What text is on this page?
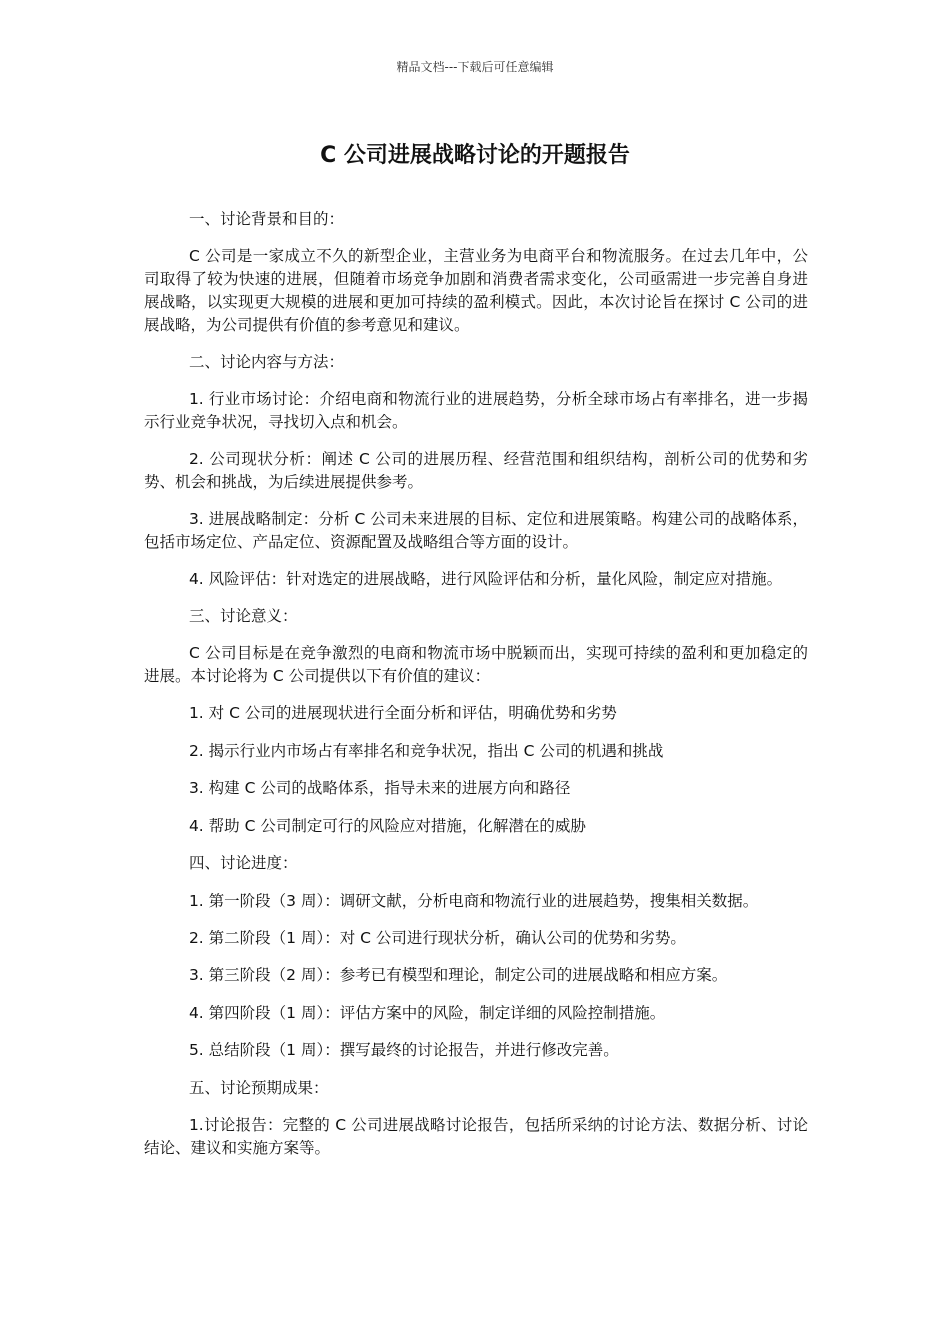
精品文档---下载后可任意编辑
C 公司进展战略讨论的开题报告

一、讨论背景和目的：

C 公司是一家成立不久的新型企业，主营业务为电商平台和物流服务。在过去几年中，公司取得了较为快速的进展，但随着市场竞争加剧和消费者需求变化，公司亟需进一步完善自身进展战略，以实现更大规模的进展和更加可持续的盈利模式。因此，本次讨论旨在探讨 C 公司的进展战略，为公司提供有价值的参考意见和建议。

二、讨论内容与方法：

1. 行业市场讨论：介绍电商和物流行业的进展趋势，分析全球市场占有率排名，进一步揭示行业竞争状况，寻找切入点和机会。

2. 公司现状分析：阐述 C 公司的进展历程、经营范围和组织结构，剖析公司的优势和劣势、机会和挑战，为后续进展提供参考。

3. 进展战略制定：分析 C 公司未来进展的目标、定位和进展策略。构建公司的战略体系，包括市场定位、产品定位、资源配置及战略组合等方面的设计。

4. 风险评估：针对选定的进展战略，进行风险评估和分析，量化风险，制定应对措施。

三、讨论意义：

C 公司目标是在竞争激烈的电商和物流市场中脱颖而出，实现可持续的盈利和更加稳定的进展。本讨论将为 C 公司提供以下有价值的建议：

1. 对 C 公司的进展现状进行全面分析和评估，明确优势和劣势

2. 揭示行业内市场占有率排名和竞争状况，指出 C 公司的机遇和挑战

3. 构建 C 公司的战略体系，指导未来的进展方向和路径

4. 帮助 C 公司制定可行的风险应对措施，化解潜在的威胁

四、讨论进度：

1. 第一阶段（3 周）：调研文献，分析电商和物流行业的进展趋势，搜集相关数据。

2. 第二阶段（1 周）：对 C 公司进行现状分析，确认公司的优势和劣势。

3. 第三阶段（2 周）：参考已有模型和理论，制定公司的进展战略和相应方案。

4. 第四阶段（1 周）：评估方案中的风险，制定详细的风险控制措施。

5. 总结阶段（1 周）：撰写最终的讨论报告，并进行修改完善。

五、讨论预期成果：

1.讨论报告：完整的 C 公司进展战略讨论报告，包括所采纳的讨论方法、数据分析、讨论结论、建议和实施方案等。
